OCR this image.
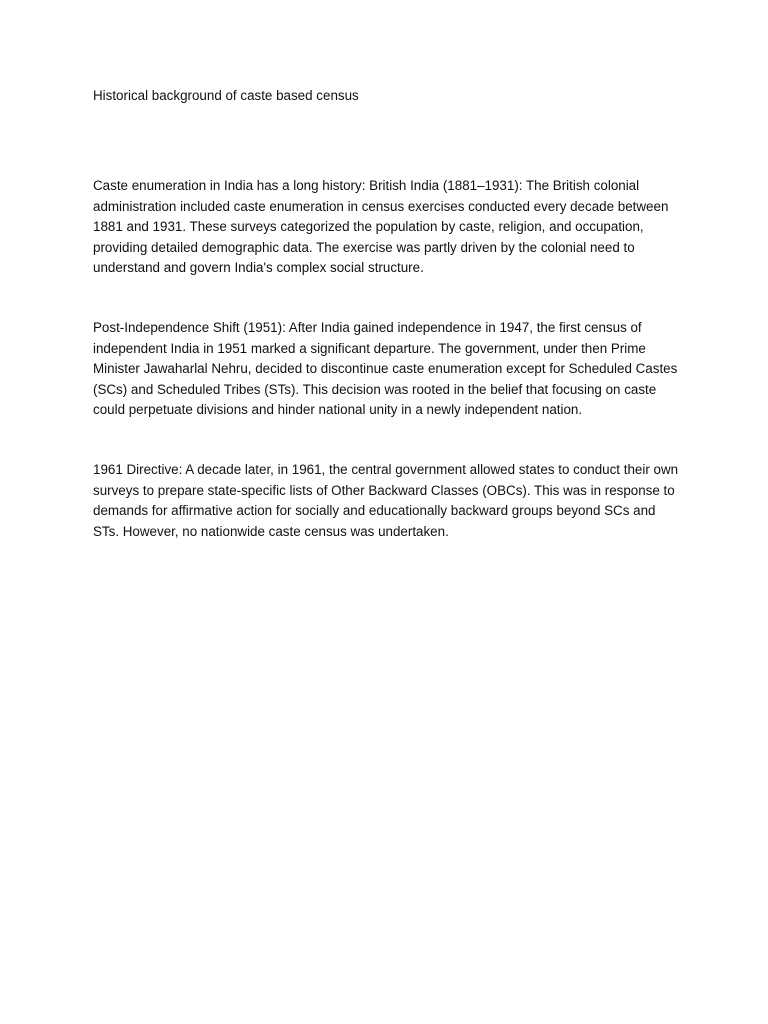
Historical background of caste based census

Caste enumeration in India has a long history: British India (1881–1931): The British colonial administration included caste enumeration in census exercises conducted every decade between 1881 and 1931. These surveys categorized the population by caste, religion, and occupation, providing detailed demographic data. The exercise was partly driven by the colonial need to understand and govern India's complex social structure.

Post-Independence Shift (1951): After India gained independence in 1947, the first census of independent India in 1951 marked a significant departure. The government, under then Prime Minister Jawaharlal Nehru, decided to discontinue caste enumeration except for Scheduled Castes (SCs) and Scheduled Tribes (STs). This decision was rooted in the belief that focusing on caste could perpetuate divisions and hinder national unity in a newly independent nation.

1961 Directive: A decade later, in 1961, the central government allowed states to conduct their own surveys to prepare state-specific lists of Other Backward Classes (OBCs). This was in response to demands for affirmative action for socially and educationally backward groups beyond SCs and STs. However, no nationwide caste census was undertaken.
